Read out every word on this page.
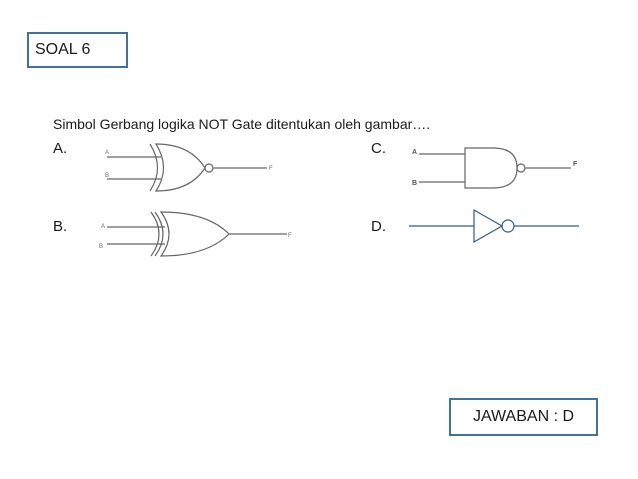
SOAL 6
Simbol Gerbang logika NOT Gate ditentukan oleh gambar….
A.
B.
C.
D.
A
B
F
A
B
F
A
B
F
JAWABAN : D
